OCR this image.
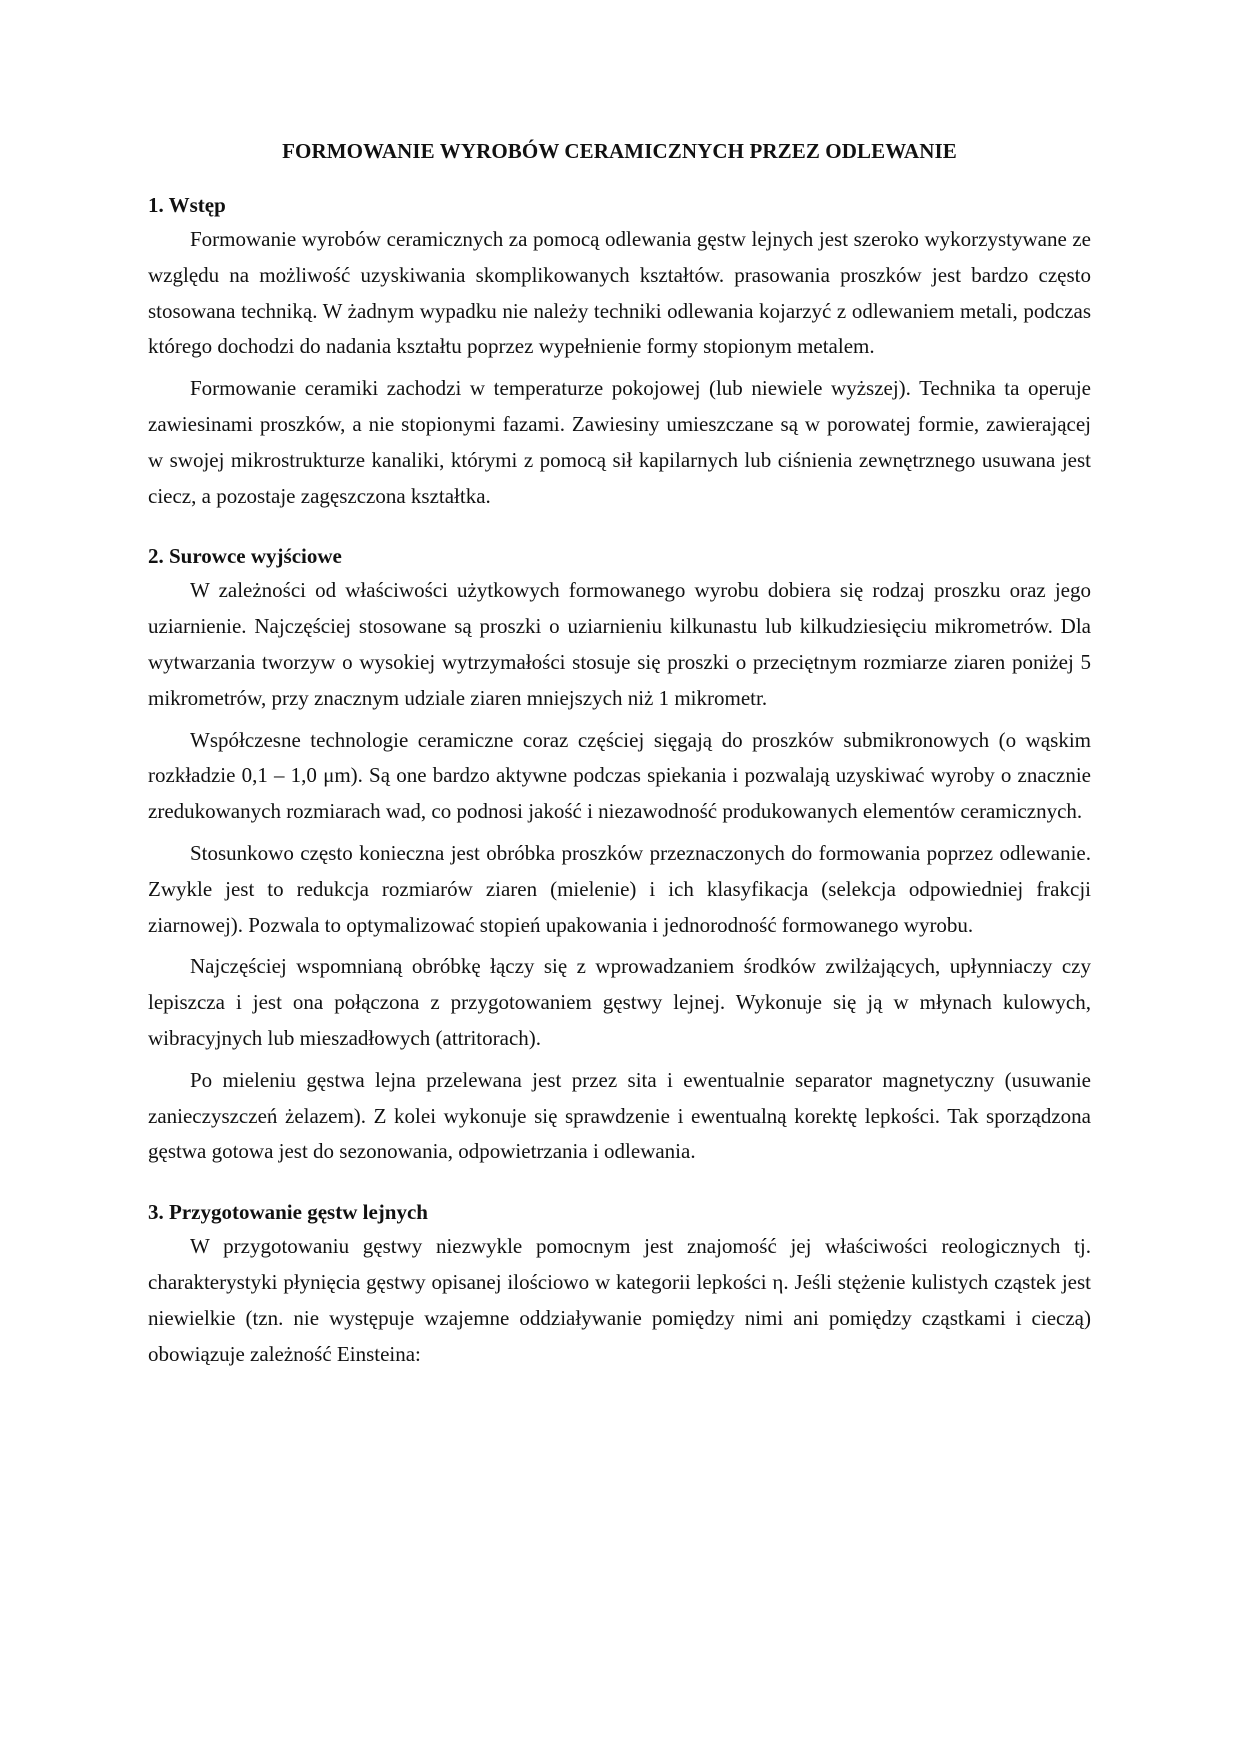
FORMOWANIE WYROBÓW CERAMICZNYCH PRZEZ ODLEWANIE
1. Wstęp

Formowanie wyrobów ceramicznych za pomocą odlewania gęstw lejnych jest szeroko wykorzystywane ze względu na możliwość uzyskiwania skomplikowanych kształtów. prasowania proszków jest bardzo często stosowana techniką. W żadnym wypadku nie należy techniki odlewania kojarzyć z odlewaniem metali, podczas którego dochodzi do nadania kształtu poprzez wypełnienie formy stopionym metalem.

Formowanie ceramiki zachodzi w temperaturze pokojowej (lub niewiele wyższej). Technika ta operuje zawiesinami proszków, a nie stopionymi fazami. Zawiesiny umieszczane są w porowatej formie, zawierającej w swojej mikrostrukturze kanaliki, którymi z pomocą sił kapilarnych lub ciśnienia zewnętrznego usuwana jest ciecz, a pozostaje zagęszczona kształtka.

2. Surowce wyjściowe

W zależności od właściwości użytkowych formowanego wyrobu dobiera się rodzaj proszku oraz jego uziarnienie. Najczęściej stosowane są proszki o uziarnieniu kilkunastu lub kilkudziesięciu mikrometrów. Dla wytwarzania tworzyw o wysokiej wytrzymałości stosuje się proszki o przeciętnym rozmiarze ziaren poniżej 5 mikrometrów, przy znacznym udziale ziaren mniejszych niż 1 mikrometr.

Współczesne technologie ceramiczne coraz częściej sięgają do proszków submikronowych (o wąskim rozkładzie 0,1 – 1,0 μm). Są one bardzo aktywne podczas spiekania i pozwalają uzyskiwać wyroby o znacznie zredukowanych rozmiarach wad, co podnosi jakość i niezawodność produkowanych elementów ceramicznych.

Stosunkowo często konieczna jest obróbka proszków przeznaczonych do formowania poprzez odlewanie. Zwykle jest to redukcja rozmiarów ziaren (mielenie) i ich klasyfikacja (selekcja odpowiedniej frakcji ziarnowej). Pozwala to optymalizować stopień upakowania i jednorodność formowanego wyrobu.

Najczęściej wspomnianą obróbkę łączy się z wprowadzaniem środków zwilżających, upłynniaczy czy lepiszcza i jest ona połączona z przygotowaniem gęstwy lejnej. Wykonuje się ją w młynach kulowych, wibracyjnych lub mieszadłowych (attritorach).

Po mieleniu gęstwa lejna przelewana jest przez sita i ewentualnie separator magnetyczny (usuwanie zanieczyszczeń żelazem). Z kolei wykonuje się sprawdzenie i ewentualną korektę lepkości. Tak sporządzona gęstwa gotowa jest do sezonowania, odpowietrzania i odlewania.

3. Przygotowanie gęstw lejnych

W przygotowaniu gęstwy niezwykle pomocnym jest znajomość jej właściwości reologicznych tj. charakterystyki płynięcia gęstwy opisanej ilościowo w kategorii lepkości η. Jeśli stężenie kulistych cząstek jest niewielkie (tzn. nie występuje wzajemne oddziaływanie pomiędzy nimi ani pomiędzy cząstkami i cieczą) obowiązuje zależność Einsteina:
